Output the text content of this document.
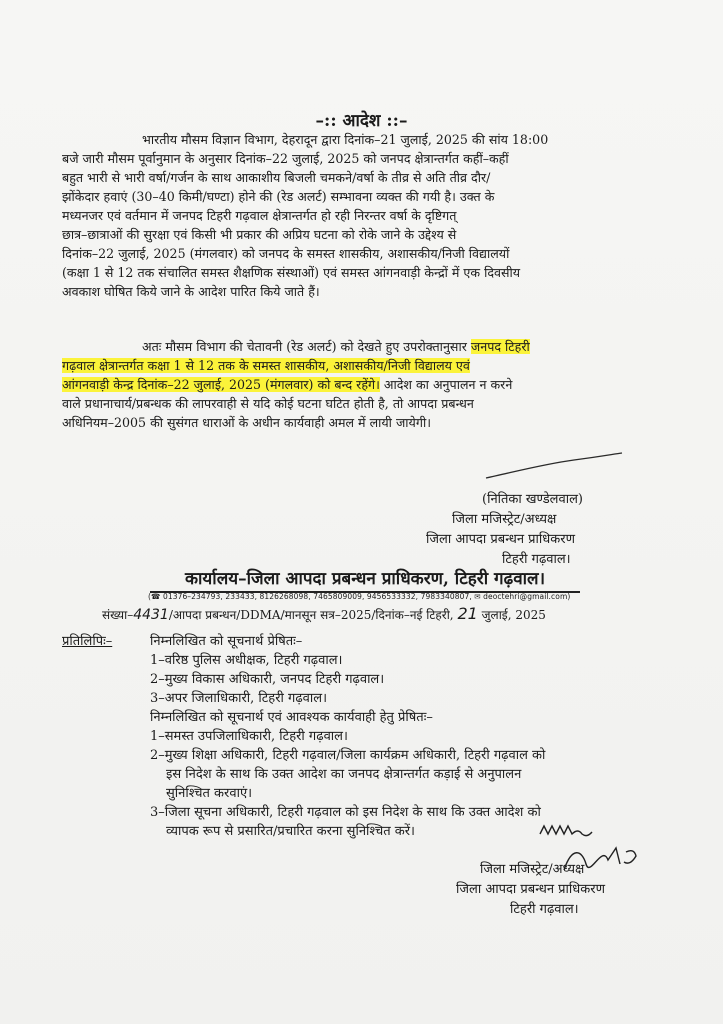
–:: आदेश ::–
भारतीय मौसम विज्ञान विभाग, देहरादून द्वारा दिनांक–21 जुलाई, 2025 की सांय 18:00
बजे जारी मौसम पूर्वानुमान के अनुसार दिनांक–22 जुलाई, 2025 को जनपद क्षेत्रान्तर्गत कहीं–कहीं
बहुत भारी से भारी वर्षा/गर्जन के साथ आकाशीय बिजली चमकने/वर्षा के तीव्र से अति तीव्र दौर/
झोंकेदार हवाएं (30–40 किमी/घण्टा) होने की (रेड अलर्ट) सम्भावना व्यक्त की गयी है। उक्त के
मध्यनजर एवं वर्तमान में जनपद टिहरी गढ़वाल क्षेत्रान्तर्गत हो रही निरन्तर वर्षा के दृष्टिगत्
छात्र–छात्राओं की सुरक्षा एवं किसी भी प्रकार की अप्रिय घटना को रोके जाने के उद्देश्य से
दिनांक–22 जुलाई, 2025 (मंगलवार) को जनपद के समस्त शासकीय, अशासकीय/निजी विद्यालयों
(कक्षा 1 से 12 तक संचालित समस्त शैक्षणिक संस्थाओं) एवं समस्त आंगनवाड़ी केन्द्रों में एक दिवसीय
अवकाश घोषित किये जाने के आदेश पारित किये जाते हैं।
अतः मौसम विभाग की चेतावनी (रेड अलर्ट) को देखते हुए उपरोक्तानुसार जनपद टिहरी
गढ़वाल क्षेत्रान्तर्गत कक्षा 1 से 12 तक के समस्त शासकीय, अशासकीय/निजी विद्यालय एवं
आंगनवाड़ी केन्द्र दिनांक–22 जुलाई, 2025 (मंगलवार) को बन्द रहेंगे। आदेश का अनुपालन न करने
वाले प्रधानाचार्य/प्रबन्धक की लापरवाही से यदि कोई घटना घटित होती है, तो आपदा प्रबन्धन
अधिनियम–2005 की सुसंगत धाराओं के अधीन कार्यवाही अमल में लायी जायेगी।
(नितिका खण्डेलवाल)
जिला मजिस्ट्रेट/अध्यक्ष
जिला आपदा प्रबन्धन प्राधिकरण
टिहरी गढ़वाल।
कार्यालय–जिला आपदा प्रबन्धन प्राधिकरण, टिहरी गढ़वाल।
(☎ 01376–234793, 233433, 8126268098, 7465809009, 9456533332, 7983340807, ✉ deoctehri@gmail.com)
संख्या–4431/आपदा प्रबन्धन/DDMA/मानसून सत्र–2025/दिनांक–नई टिहरी, 21 जुलाई, 2025
प्रतिलिपिः–	निम्नलिखित को सूचनार्थ प्रेषितः–
1–वरिष्ठ पुलिस अधीक्षक, टिहरी गढ़वाल।
2–मुख्य विकास अधिकारी, जनपद टिहरी गढ़वाल।
3–अपर जिलाधिकारी, टिहरी गढ़वाल।
निम्नलिखित को सूचनार्थ एवं आवश्यक कार्यवाही हेतु प्रेषितः–
1–समस्त उपजिलाधिकारी, टिहरी गढ़वाल।
2–मुख्य शिक्षा अधिकारी, टिहरी गढ़वाल/जिला कार्यक्रम अधिकारी, टिहरी गढ़वाल को
इस निदेश के साथ कि उक्त आदेश का जनपद क्षेत्रान्तर्गत कड़ाई से अनुपालन
सुनिश्चित करवाएं।
3–जिला सूचना अधिकारी, टिहरी गढ़वाल को इस निदेश के साथ कि उक्त आदेश को
व्यापक रूप से प्रसारित/प्रचारित करना सुनिश्चित करें।
जिला मजिस्ट्रेट/अध्यक्ष
जिला आपदा प्रबन्धन प्राधिकरण
टिहरी गढ़वाल।
